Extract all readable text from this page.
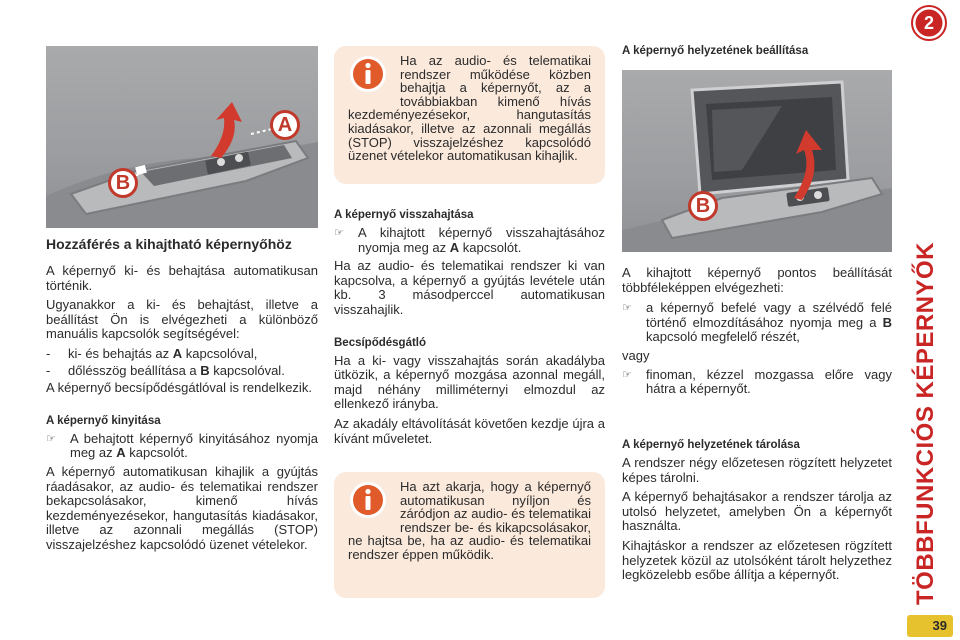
A
B

Hozzáférés a kihajtható képernyőhöz

A képernyő ki- és behajtása automatikusan történik.

Ugyanakkor a ki- és behajtást, illetve a beállítást Ön is elvégezheti a különböző manuális kapcsolók segítségével:

-	ki- és behajtás az A kapcsolóval,
-	dőlésszög beállítása a B kapcsolóval.

A képernyő becsípődésgátlóval is rendelkezik.

A képernyő kinyitása

☞	A behajtott képernyő kinyitásához nyomja meg az A kapcsolót.

A képernyő automatikusan kihajlik a gyújtás ráadásakor, az audio- és telematikai rendszer bekapcsolásakor, kimenő hívás kezdeményezésekor, hangutasítás kiadásakor, illetve az azonnali megállás (STOP) visszajelzéshez kapcsolódó üzenet vételekor.

Ha az audio- és telematikai rendszer működése közben behajtja a képernyőt, az a továbbiakban kimenő hívás kezdeményezésekor, hangutasítás kiadásakor, illetve az azonnali megállás (STOP) visszajelzéshez kapcsolódó üzenet vételekor automatikusan kihajlik.

A képernyő visszahajtása

☞	A kihajtott képernyő visszahajtásához nyomja meg az A kapcsolót.

Ha az audio- és telematikai rendszer ki van kapcsolva, a képernyő a gyújtás levétele után kb. 3 másodperccel automatikusan visszahajlik.

Becsípődésgátló

Ha a ki- vagy visszahajtás során akadályba ütközik, a képernyő mozgása azonnal megáll, majd néhány milliméternyi elmozdul az ellenkező irányba.

Az akadály eltávolítását követően kezdje újra a kívánt műveletet.

Ha azt akarja, hogy a képernyő automatikusan nyíljon és záródjon az audio- és telematikai rendszer be- és kikapcsolásakor, ne hajtsa be, ha az audio- és telematikai rendszer éppen működik.

A képernyő helyzetének beállítása

B

A kihajtott képernyő pontos beállítását többféleképpen elvégezheti:

☞	a képernyő befelé vagy a szélvédő felé történő elmozdításához nyomja meg a B kapcsoló megfelelő részét,

vagy

☞	finoman, kézzel mozgassa előre vagy hátra a képernyőt.

A képernyő helyzetének tárolása

A rendszer négy előzetesen rögzített helyzetet képes tárolni.

A képernyő behajtásakor a rendszer tárolja az utolsó helyzetet, amelyben Ön a képernyőt használta.

Kihajtáskor a rendszer az előzetesen rögzített helyzetek közül az utolsóként tárolt helyzethez legközelebb esőbe állítja a képernyőt.

2
TÖBBFUNKCIÓS KÉPERNYŐK
39
